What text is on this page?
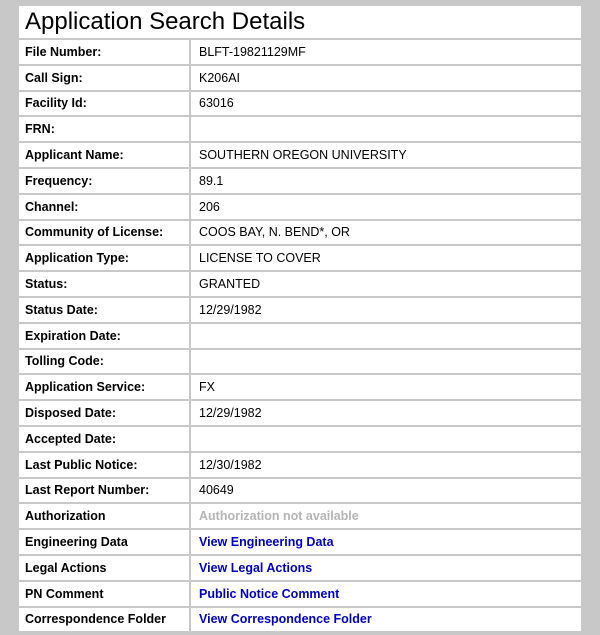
Application Search Details
File Number:	BLFT-19821129MF
Call Sign:	K206AI
Facility Id:	63016
FRN:	
Applicant Name:	SOUTHERN OREGON UNIVERSITY
Frequency:	89.1
Channel:	206
Community of License:	COOS BAY, N. BEND*, OR
Application Type:	LICENSE TO COVER
Status:	GRANTED
Status Date:	12/29/1982
Expiration Date:	
Tolling Code:	
Application Service:	FX
Disposed Date:	12/29/1982
Accepted Date:	
Last Public Notice:	12/30/1982
Last Report Number:	40649
Authorization	Authorization not available
Engineering Data	View Engineering Data
Legal Actions	View Legal Actions
PN Comment	Public Notice Comment
Correspondence Folder	View Correspondence Folder
